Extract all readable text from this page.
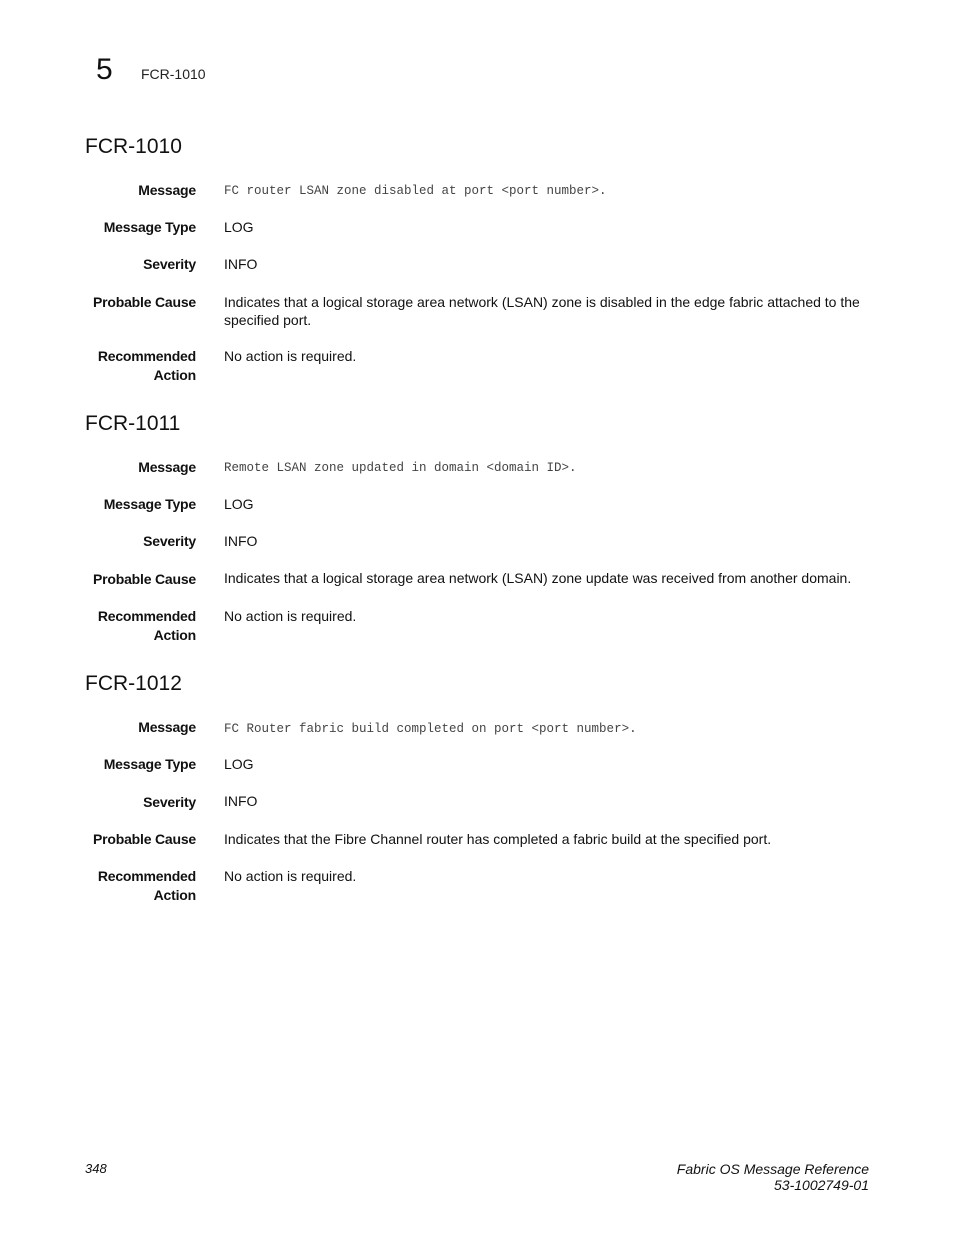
5 FCR-1010
FCR-1010
Message FC router LSAN zone disabled at port <port number>.
Message Type LOG
Severity INFO
Probable Cause Indicates that a logical storage area network (LSAN) zone is disabled in the edge fabric attached to the
specified port.
Recommended
Action
No action is required.
FCR-1011
Message Remote LSAN zone updated in domain <domain ID>.
Message Type LOG
Severity INFO
Probable Cause Indicates that a logical storage area network (LSAN) zone update was received from another domain.
Recommended
Action
No action is required.
FCR-1012
Message FC Router fabric build completed on port <port number>.
Message Type LOG
Severity INFO
Probable Cause Indicates that the Fibre Channel router has completed a fabric build at the specified port.
Recommended
Action
No action is required.
348	Fabric OS Message Reference
53-1002749-01
